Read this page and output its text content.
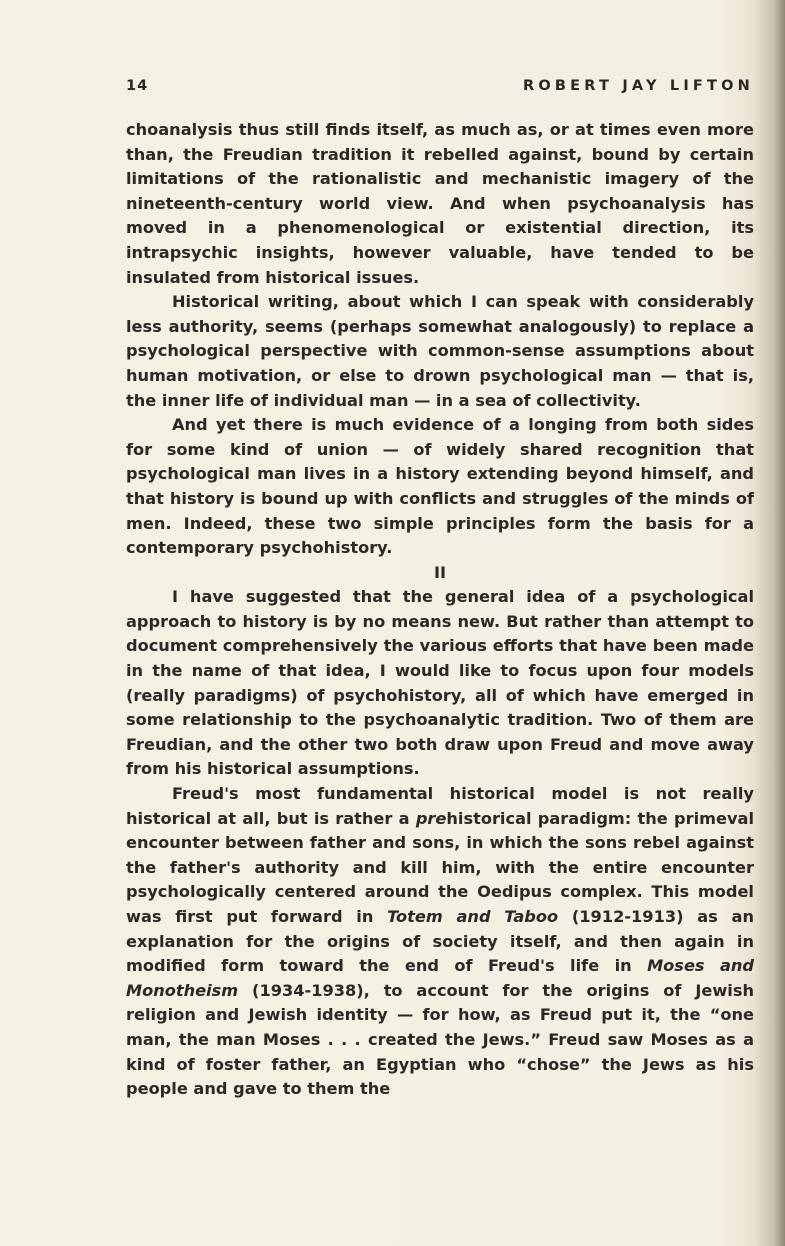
14	ROBERT JAY LIFTON

choanalysis thus still finds itself, as much as, or at times even more than, the Freudian tradition it rebelled against, bound by certain limitations of the rationalistic and mechanistic imagery of the nineteenth-century world view. And when psychoanalysis has moved in a phenomenological or existential direction, its intrapsychic insights, however valuable, have tended to be insulated from historical issues.

Historical writing, about which I can speak with considerably less authority, seems (perhaps somewhat analogously) to replace a psychological perspective with common-sense assumptions about human motivation, or else to drown psychological man — that is, the inner life of individual man — in a sea of collectivity.

And yet there is much evidence of a longing from both sides for some kind of union — of widely shared recognition that psychological man lives in a history extending beyond himself, and that history is bound up with conflicts and struggles of the minds of men. Indeed, these two simple principles form the basis for a contemporary psychohistory.

II

I have suggested that the general idea of a psychological approach to history is by no means new. But rather than attempt to document comprehensively the various efforts that have been made in the name of that idea, I would like to focus upon four models (really paradigms) of psychohistory, all of which have emerged in some relationship to the psychoanalytic tradition. Two of them are Freudian, and the other two both draw upon Freud and move away from his historical assumptions.

Freud's most fundamental historical model is not really historical at all, but is rather a prehistorical paradigm: the primeval encounter between father and sons, in which the sons rebel against the father's authority and kill him, with the entire encounter psychologically centered around the Oedipus complex. This model was first put forward in Totem and Taboo (1912-1913) as an explanation for the origins of society itself, and then again in modified form toward the end of Freud's life in Moses and Monotheism (1934-1938), to account for the origins of Jewish religion and Jewish identity — for how, as Freud put it, the “one man, the man Moses . . . created the Jews.” Freud saw Moses as a kind of foster father, an Egyptian who “chose” the Jews as his people and gave to them the
